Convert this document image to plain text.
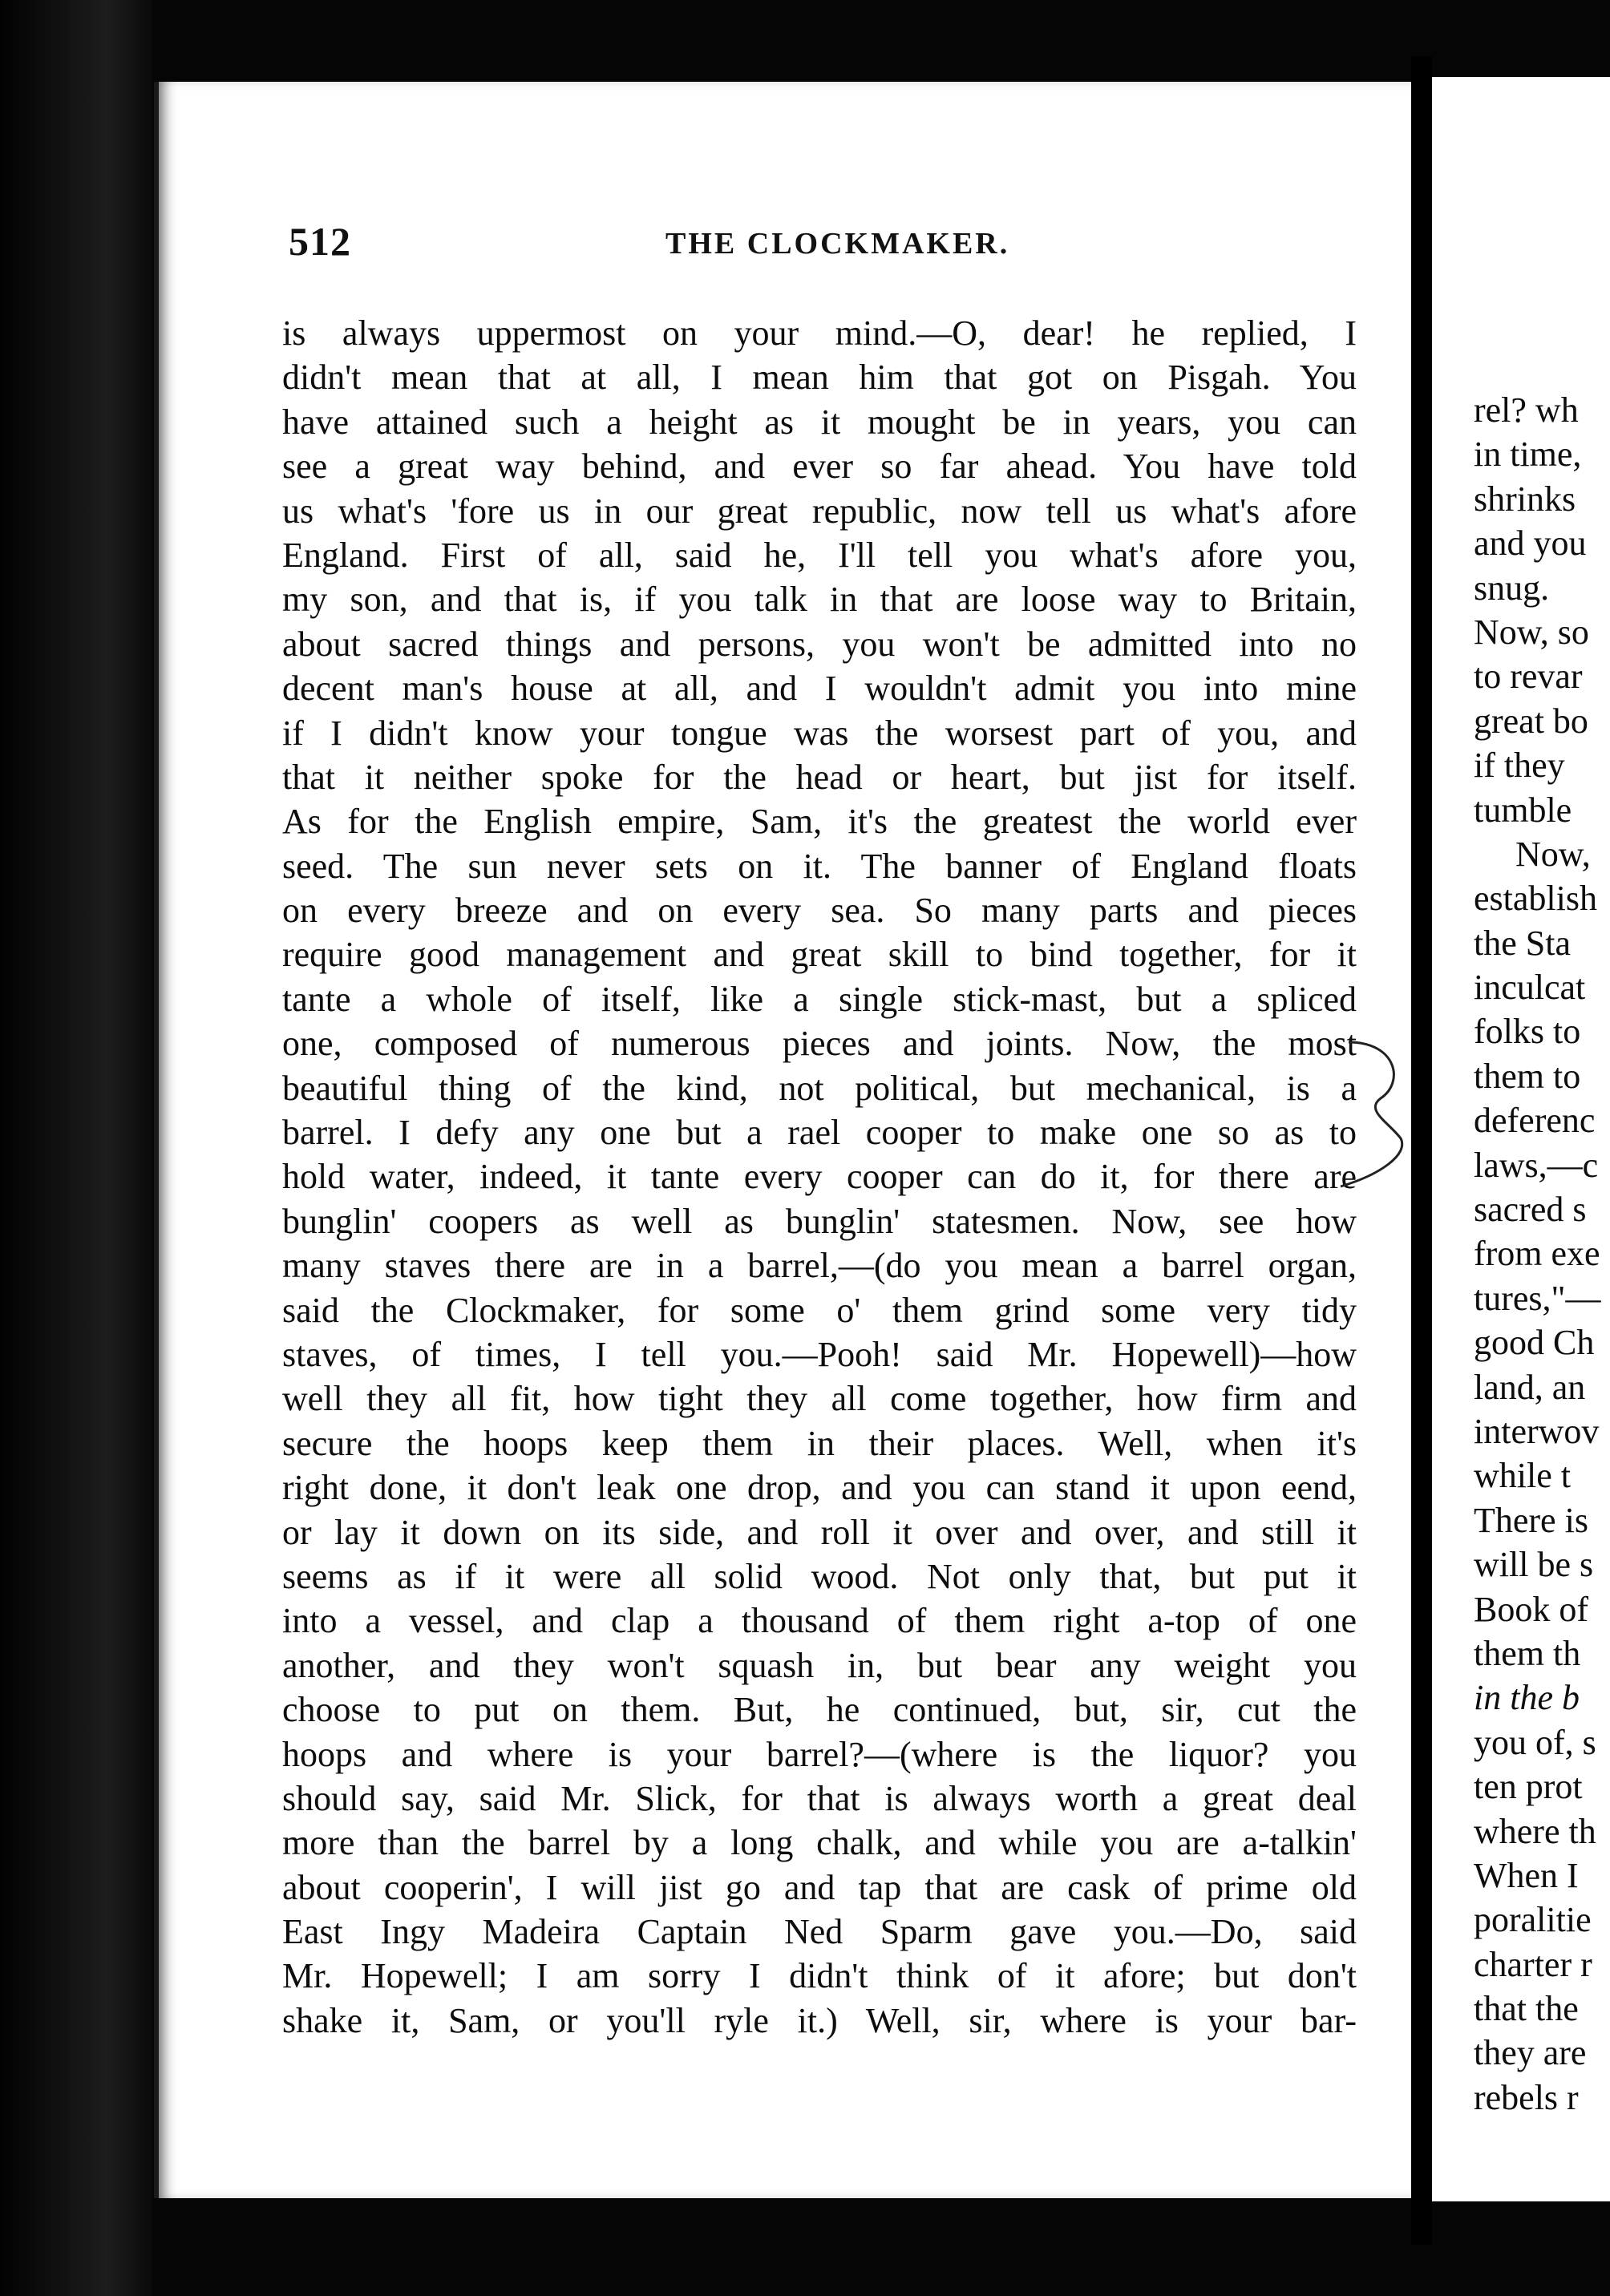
rel? wh
in time,
shrinks
and you
snug.
Now, so
to revar
great bo
if they
tumble
Now,
establish
the Sta
inculcat
folks to
them to
deferenc
laws,—c
sacred s
from exe
tures,"—
good Ch
land, an
interwov
while t
There is
will be s
Book of
them th
in the b
you of, s
ten prot
where th
When I
poralitie
charter r
that the
they are
rebels r
512	THE CLOCKMAKER.
is always uppermost on your mind.—O, dear! he replied, I
didn't mean that at all, I mean him that got on Pisgah. You
have attained such a height as it mought be in years, you can
see a great way behind, and ever so far ahead. You have told
us what's 'fore us in our great republic, now tell us what's afore
England. First of all, said he, I'll tell you what's afore you,
my son, and that is, if you talk in that are loose way to Britain,
about sacred things and persons, you won't be admitted into no
decent man's house at all, and I wouldn't admit you into mine
if I didn't know your tongue was the worsest part of you, and
that it neither spoke for the head or heart, but jist for itself.
As for the English empire, Sam, it's the greatest the world ever
seed. The sun never sets on it. The banner of England floats
on every breeze and on every sea. So many parts and pieces
require good management and great skill to bind together, for it
tante a whole of itself, like a single stick-mast, but a spliced
one, composed of numerous pieces and joints. Now, the most
beautiful thing of the kind, not political, but mechanical, is a
barrel. I defy any one but a rael cooper to make one so as to
hold water, indeed, it tante every cooper can do it, for there are
bunglin' coopers as well as bunglin' statesmen. Now, see how
many staves there are in a barrel,—(do you mean a barrel organ,
said the Clockmaker, for some o' them grind some very tidy
staves, of times, I tell you.—Pooh! said Mr. Hopewell)—how
well they all fit, how tight they all come together, how firm and
secure the hoops keep them in their places. Well, when it's
right done, it don't leak one drop, and you can stand it upon eend,
or lay it down on its side, and roll it over and over, and still it
seems as if it were all solid wood. Not only that, but put it
into a vessel, and clap a thousand of them right a-top of one
another, and they won't squash in, but bear any weight you
choose to put on them. But, he continued, but, sir, cut the
hoops and where is your barrel?—(where is the liquor? you
should say, said Mr. Slick, for that is always worth a great deal
more than the barrel by a long chalk, and while you are a-talkin'
about cooperin', I will jist go and tap that are cask of prime old
East Ingy Madeira Captain Ned Sparm gave you.—Do, said
Mr. Hopewell; I am sorry I didn't think of it afore; but don't
shake it, Sam, or you'll ryle it.) Well, sir, where is your bar-
